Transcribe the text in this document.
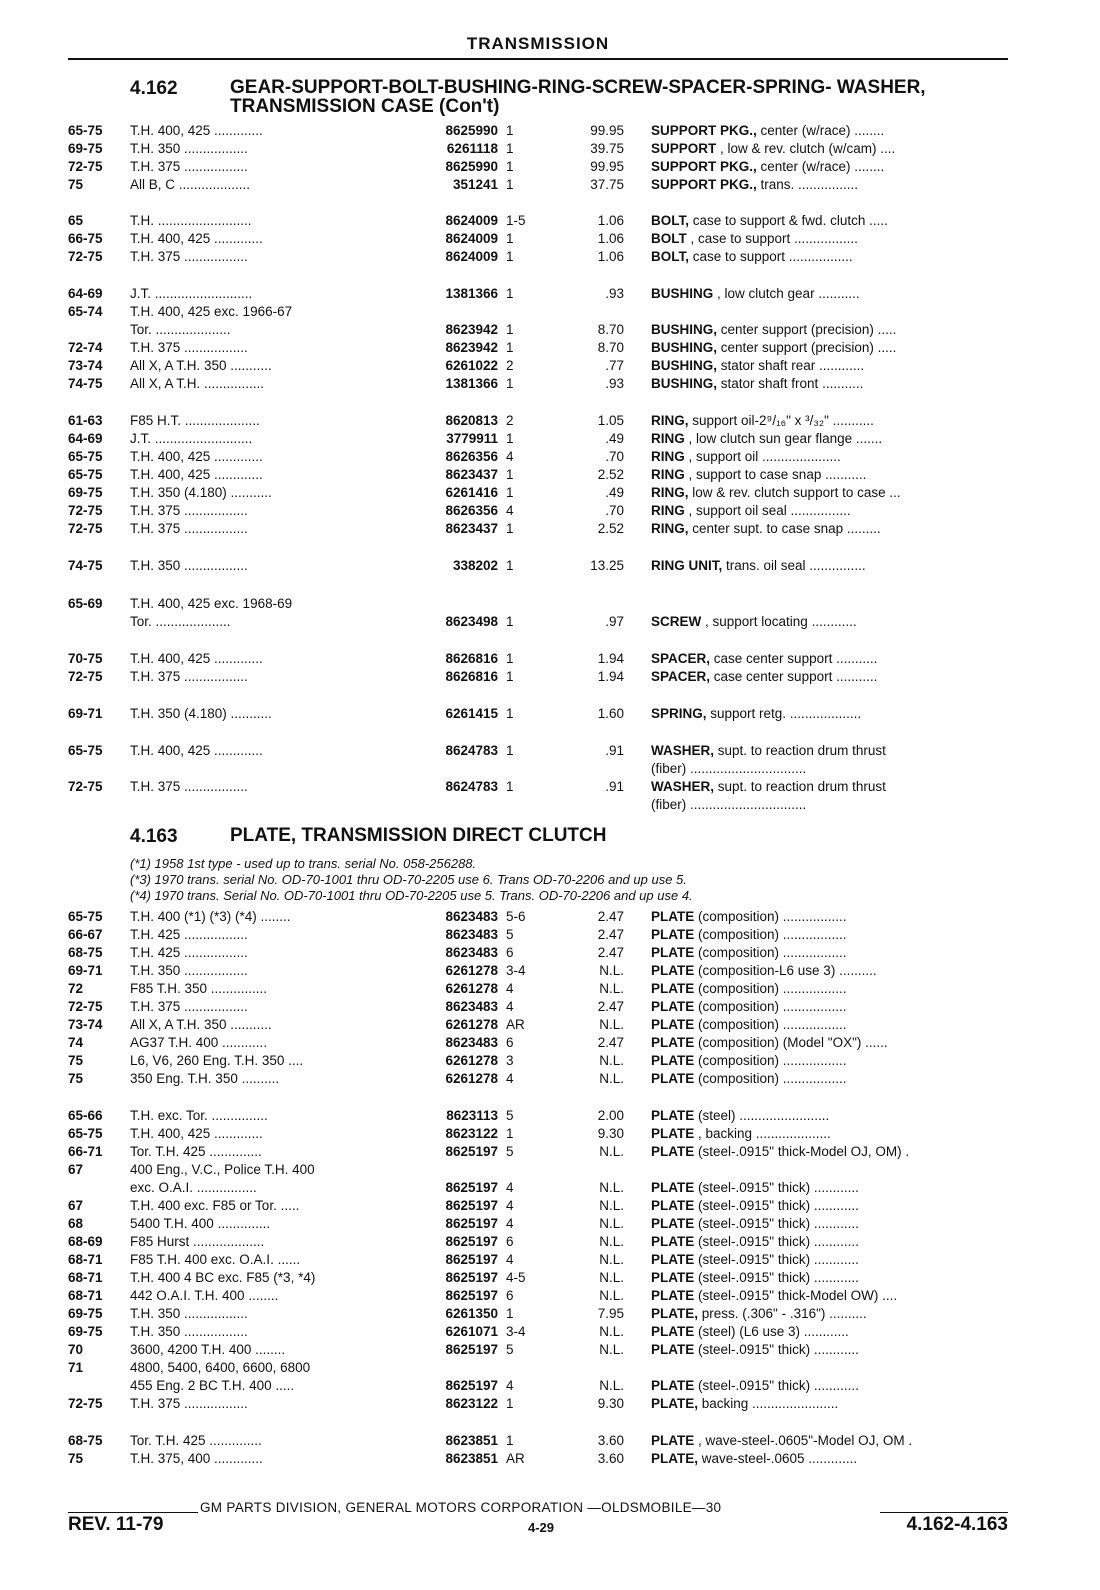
TRANSMISSION
4.162	GEAR-SUPPORT-BOLT-BUSHING-RING-SCREW-SPACER-SPRING- WASHER, TRANSMISSION CASE (Con't)
65-75	T.H. 400, 425 .............	8625990 1	99.95 SUPPORT PKG., center (w/race) ........
69-75	T.H. 350 .................	6261118 1	39.75 SUPPORT , low & rev. clutch (w/cam) ....
72-75	T.H. 375 .................	8625990 1	99.95 SUPPORT PKG., center (w/race) ........
75	All B, C ...................	351241 1	37.75 SUPPORT PKG., trans. ................
65	T.H. .........................	8624009 1-5	1.06 BOLT, case to support & fwd. clutch .....
66-75	T.H. 400, 425 .............	8624009 1	1.06 BOLT , case to support .................
72-75	T.H. 375 .................	8624009 1	1.06 BOLT, case to support .................
64-69	J.T. ..........................	1381366 1	.93 BUSHING , low clutch gear ...........
65-74	T.H. 400, 425 exc. 1966-67
Tor. ....................	8623942 1	8.70 BUSHING, center support (precision) .....
72-74	T.H. 375 .................	8623942 1	8.70 BUSHING, center support (precision) .....
73-74	All X, A T.H. 350 ...........	6261022 2	.77 BUSHING, stator shaft rear ............
74-75	All X, A T.H. ................	1381366 1	.93 BUSHING, stator shaft front ...........
61-63	F85 H.T. ....................	8620813 2	1.05 RING, support oil-2⁹/₁₆" x ³/₃₂" ...........
64-69	J.T. ..........................	3779911 1	.49 RING , low clutch sun gear flange .......
65-75	T.H. 400, 425 .............	8626356 4	.70 RING , support oil .....................
65-75	T.H. 400, 425 .............	8623437 1	2.52 RING , support to case snap ...........
69-75	T.H. 350 (4.180) ...........	6261416 1	.49 RING, low & rev. clutch support to case ...
72-75	T.H. 375 .................	8626356 4	.70 RING , support oil seal ................
72-75	T.H. 375 .................	8623437 1	2.52 RING, center supt. to case snap .........
74-75	T.H. 350 .................	338202 1	13.25 RING UNIT, trans. oil seal ...............
65-69	T.H. 400, 425 exc. 1968-69
Tor. ....................	8623498 1	.97 SCREW , support locating ............
70-75	T.H. 400, 425 .............	8626816 1	1.94 SPACER, case center support ...........
72-75	T.H. 375 .................	8626816 1	1.94 SPACER, case center support ...........
69-71	T.H. 350 (4.180) ...........	6261415 1	1.60 SPRING, support retg. ...................
65-75	T.H. 400, 425 .............	8624783 1	.91 WASHER, supt. to reaction drum thrust
(fiber) ...............................
72-75	T.H. 375 .................	8624783 1	.91 WASHER, supt. to reaction drum thrust
(fiber) ...............................
4.163	PLATE, TRANSMISSION DIRECT CLUTCH
(*1) 1958 1st type - used up to trans. serial No. 058-256288.
(*3) 1970 trans. serial No. OD-70-1001 thru OD-70-2205 use 6. Trans OD-70-2206 and up use 5.
(*4) 1970 trans. Serial No. OD-70-1001 thru OD-70-2205 use 5. Trans. OD-70-2206 and up use 4.
65-75	T.H. 400 (*1) (*3) (*4) ........	8623483 5-6	2.47 PLATE (composition) .................
66-67	T.H. 425 .................	8623483 5	2.47 PLATE (composition) .................
68-75	T.H. 425 .................	8623483 6	2.47 PLATE (composition) .................
69-71	T.H. 350 .................	6261278 3-4	N.L. PLATE (composition-L6 use 3) ..........
72	F85 T.H. 350 ...............	6261278 4	N.L. PLATE (composition) .................
72-75	T.H. 375 .................	8623483 4	2.47 PLATE (composition) .................
73-74	All X, A T.H. 350 ...........	6261278 AR	N.L. PLATE (composition) .................
74	AG37 T.H. 400 ............	8623483 6	2.47 PLATE (composition) (Model "OX") ......
75	L6, V6, 260 Eng. T.H. 350 ....	6261278 3	N.L. PLATE (composition) .................
75	350 Eng. T.H. 350 ..........	6261278 4	N.L. PLATE (composition) .................
65-66	T.H. exc. Tor. ...............	8623113 5	2.00 PLATE (steel) ........................
65-75	T.H. 400, 425 .............	8623122 1	9.30 PLATE , backing ....................
66-71	Tor. T.H. 425 ..............	8625197 5	N.L. PLATE (steel-.0915" thick-Model OJ, OM) .
67	400 Eng., V.C., Police T.H. 400
exc. O.A.I. ................	8625197 4	N.L. PLATE (steel-.0915" thick) ............
67	T.H. 400 exc. F85 or Tor. .....	8625197 4	N.L. PLATE (steel-.0915" thick) ............
68	5400 T.H. 400 ..............	8625197 4	N.L. PLATE (steel-.0915" thick) ............
68-69	F85 Hurst ...................	8625197 6	N.L. PLATE (steel-.0915" thick) ............
68-71	F85 T.H. 400 exc. O.A.I. ......	8625197 4	N.L. PLATE (steel-.0915" thick) ............
68-71	T.H. 400 4 BC exc. F85 (*3, *4)	8625197 4-5	N.L. PLATE (steel-.0915" thick) ............
68-71	442 O.A.I. T.H. 400 ........	8625197 6	N.L. PLATE (steel-.0915" thick-Model OW) ....
69-75	T.H. 350 .................	6261350 1	7.95 PLATE, press. (.306" - .316") ..........
69-75	T.H. 350 .................	6261071 3-4	N.L. PLATE (steel) (L6 use 3) ............
70	3600, 4200 T.H. 400 ........	8625197 5	N.L. PLATE (steel-.0915" thick) ............
71	4800, 5400, 6400, 6600, 6800
455 Eng. 2 BC T.H. 400 .....	8625197 4	N.L. PLATE (steel-.0915" thick) ............
72-75	T.H. 375 .................	8623122 1	9.30 PLATE, backing .......................
68-75	Tor. T.H. 425 ..............	8623851 1	3.60 PLATE , wave-steel-.0605"-Model OJ, OM .
75	T.H. 375, 400 .............	8623851 AR	3.60 PLATE, wave-steel-.0605 .............
GM PARTS DIVISION, GENERAL MOTORS CORPORATION —OLDSMOBILE—30
REV. 11-79	4-29	4.162-4.163
